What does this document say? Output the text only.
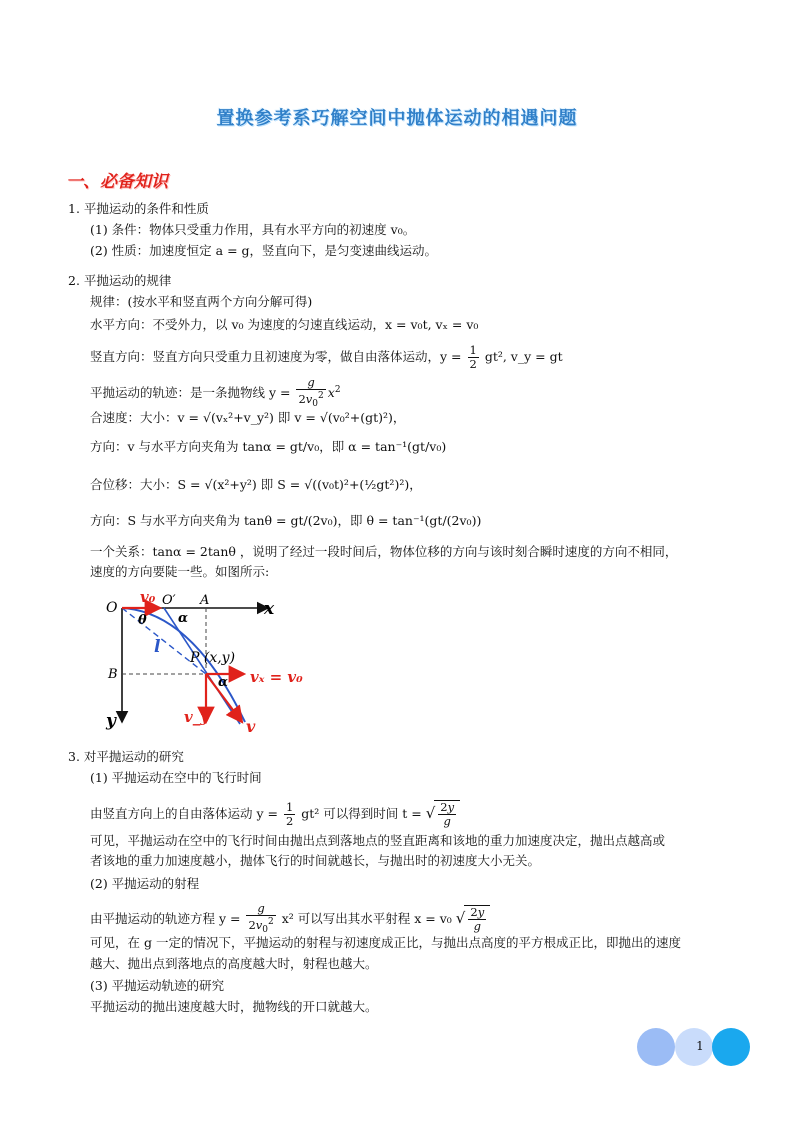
置换参考系巧解空间中抛体运动的相遇问题
一、必备知识
1. 平抛运动的条件和性质
(1) 条件：物体只受重力作用，具有水平方向的初速度 v₀。
(2) 性质：加速度恒定 a = g，竖直向下，是匀变速曲线运动。
2. 平抛运动的规律
规律：(按水平和竖直两个方向分解可得)
水平方向：不受外力，以 v₀ 为速度的匀速直线运动，x = v₀t, vₓ = v₀
竖直方向：竖直方向只受重力且初速度为零，做自由落体运动，$y = \frac{1}{2} gt^2$, v_y = gt
平抛运动的轨迹：是一条抛物线 $y = \frac{g}{2v_0^2} x^2$
合速度：大小：v = √(vₓ²+v_y²) 即 v = √(v₀²+(gt)²)，
方向：v 与水平方向夹角为 tanα = gt/v₀，即 α = tan⁻¹(gt/v₀)
合位移：大小：S = √(x²+y²) 即 S = √((v₀t)²+(½gt²)²)，
方向：S 与水平方向夹角为 tanθ = gt/(2v₀)，即 θ = tan⁻¹(gt/(2v₀))
一个关系：tanα = 2tanθ ，说明了经过一段时间后，物体位移的方向与该时刻合瞬时速度的方向不相同，
速度的方向要陡一些。如图所示:
O
v₀ O′ A	x
θ α
l
B
P (x,y)
α vₓ = v₀
y	v_y v
3. 对平抛运动的研究
(1) 平抛运动在空中的飞行时间
由竖直方向上的自由落体运动 $y = \frac{1}{2} gt^2$ 可以得到时间 t = √ $\frac{2y}{g}$
可见，平抛运动在空中的飞行时间由抛出点到落地点的竖直距离和该地的重力加速度决定，抛出点越高或
者该地的重力加速度越小，抛体飞行的时间就越长，与抛出时的初速度大小无关。
(2) 平抛运动的射程
由平抛运动的轨迹方程 $y = \frac{g}{2v_0^2} x^2$ 可以写出其水平射程 x = v₀ √ $\frac{2y}{g}$
可见，在 g 一定的情况下，平抛运动的射程与初速度成正比，与抛出点高度的平方根成正比，即抛出的速度
越大、抛出点到落地点的高度越大时，射程也越大。
(3) 平抛运动轨迹的研究
平抛运动的抛出速度越大时，抛物线的开口就越大。
1
